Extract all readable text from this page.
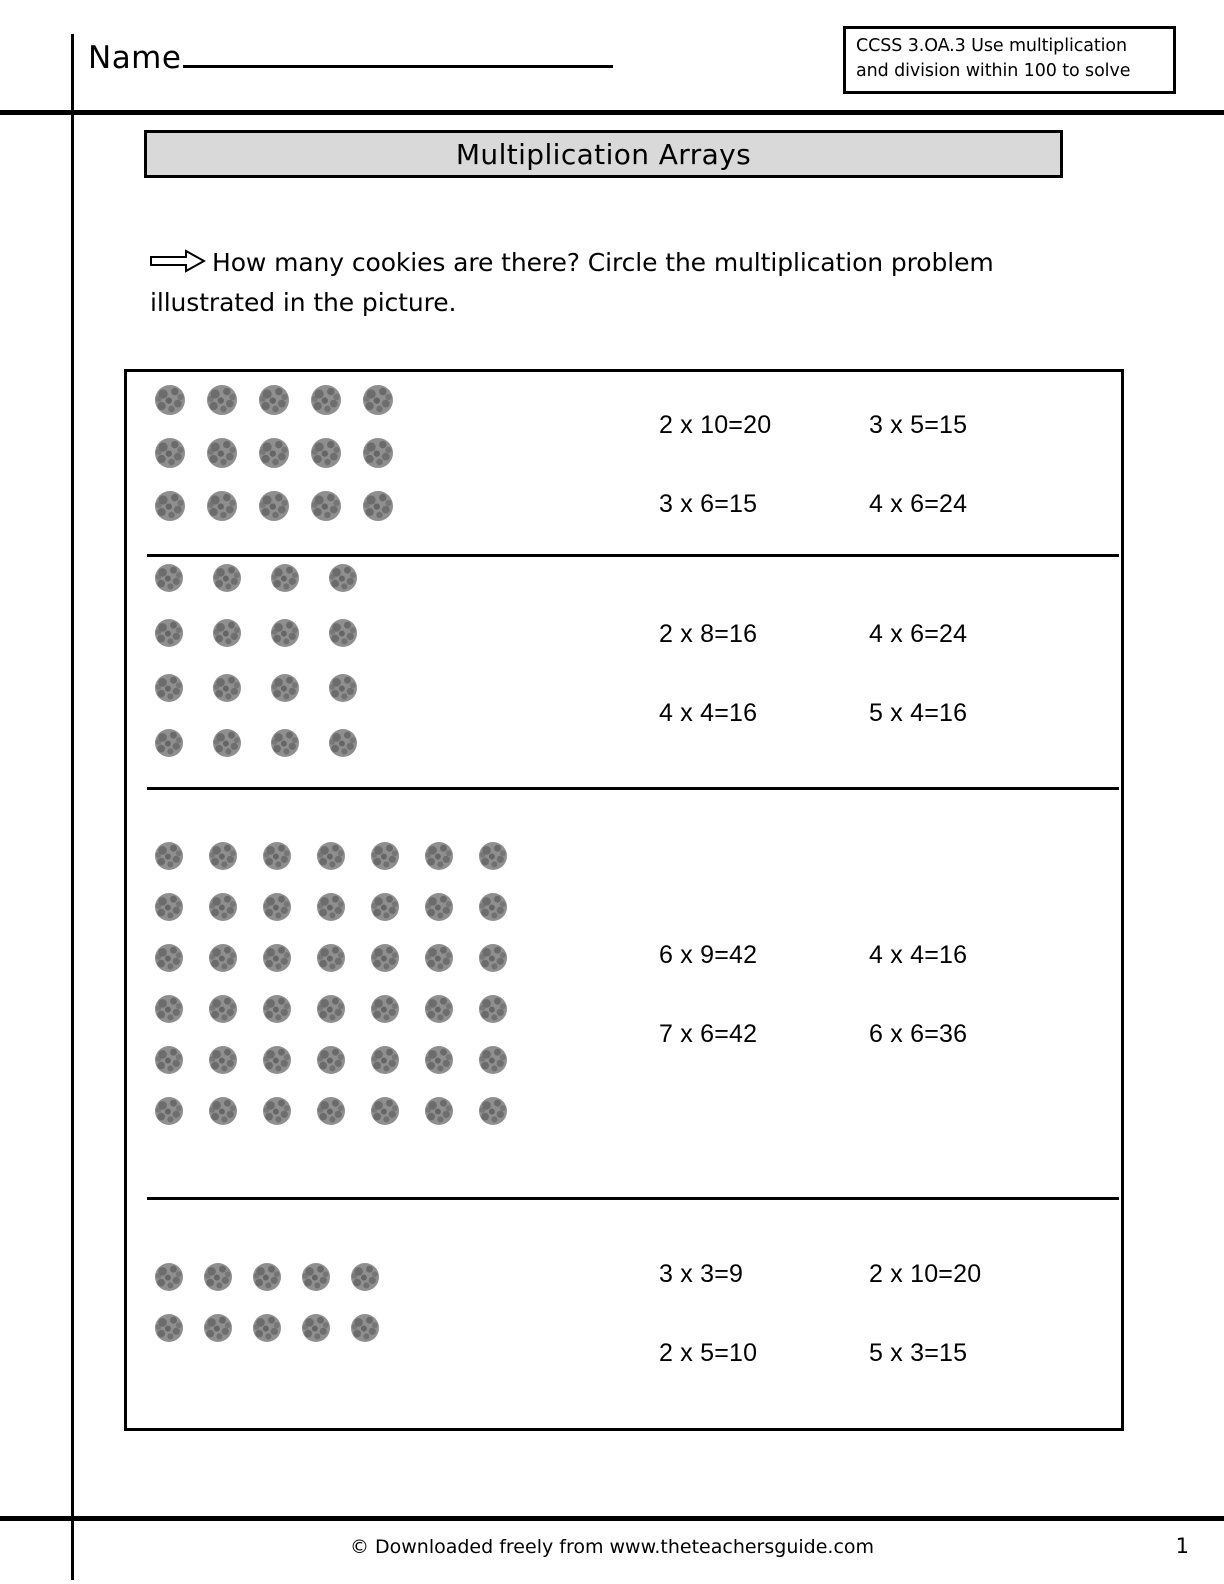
Name	CCSS 3.OA.3 Use multiplication
and division within 100 to solve
Multiplication Arrays
How many cookies are there? Circle the multiplication problem
illustrated in the picture.
2 x 10=20	3 x 5=15
3 x 6=15	4 x 6=24
2 x 8=16	4 x 6=24
4 x 4=16	5 x 4=16
6 x 9=42	4 x 4=16
7 x 6=42	6 x 6=36
3 x 3=9	2 x 10=20
2 x 5=10	5 x 3=15
© Downloaded freely from www.theteachersguide.com	1
